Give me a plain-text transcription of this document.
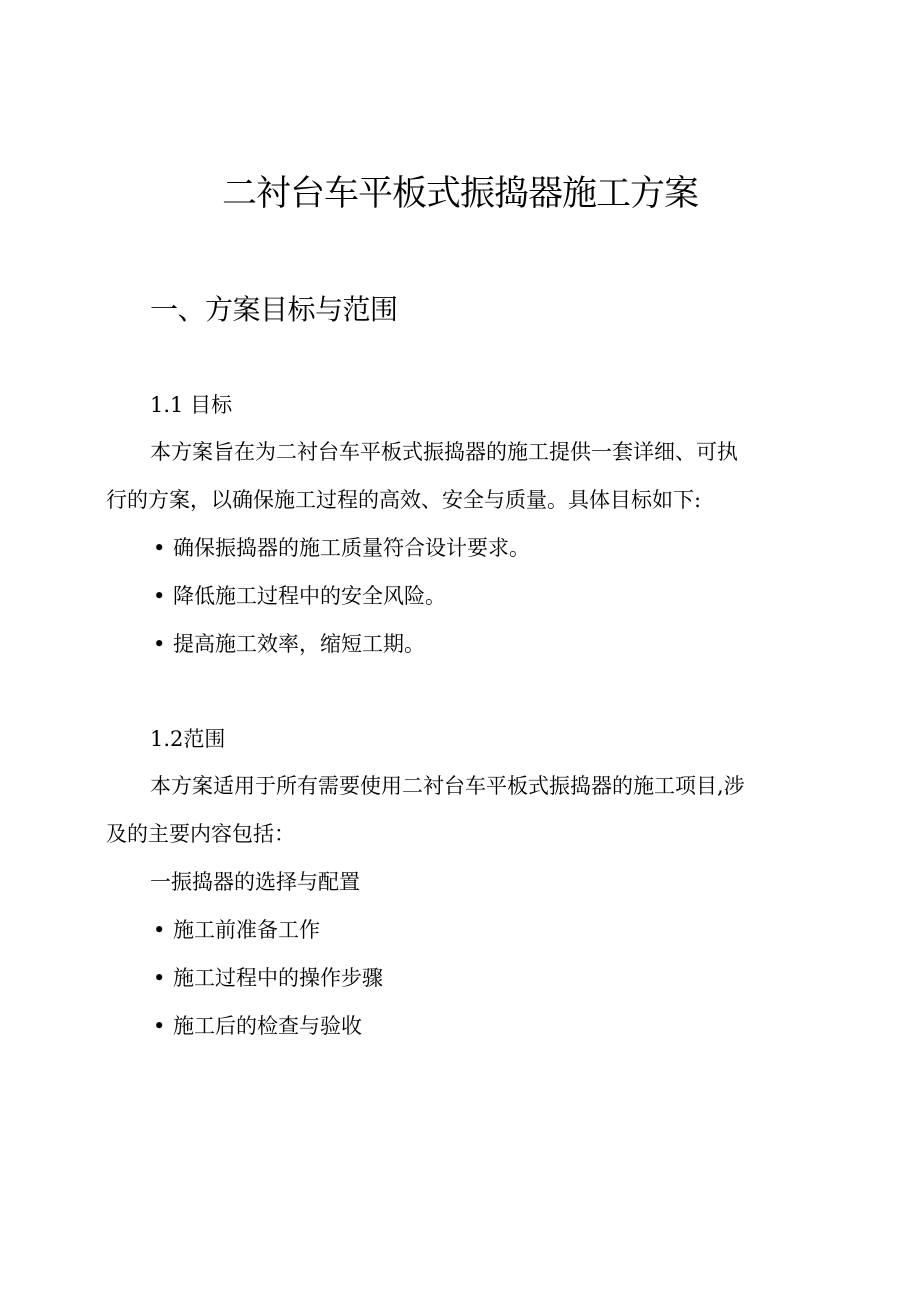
二衬台车平板式振捣器施工方案
一、方案目标与范围
1.1 目标
本方案旨在为二衬台车平板式振捣器的施工提供一套详细、可执
行的方案，以确保施工过程的高效、安全与质量。具体目标如下:
• 确保振捣器的施工质量符合设计要求。
• 降低施工过程中的安全风险。
• 提高施工效率，缩短工期。
1.2范围
本方案适用于所有需要使用二衬台车平板式振捣器的施工项目,涉
及的主要内容包括：
一振捣器的选择与配置
• 施工前准备工作
• 施工过程中的操作步骤
• 施工后的检查与验收
